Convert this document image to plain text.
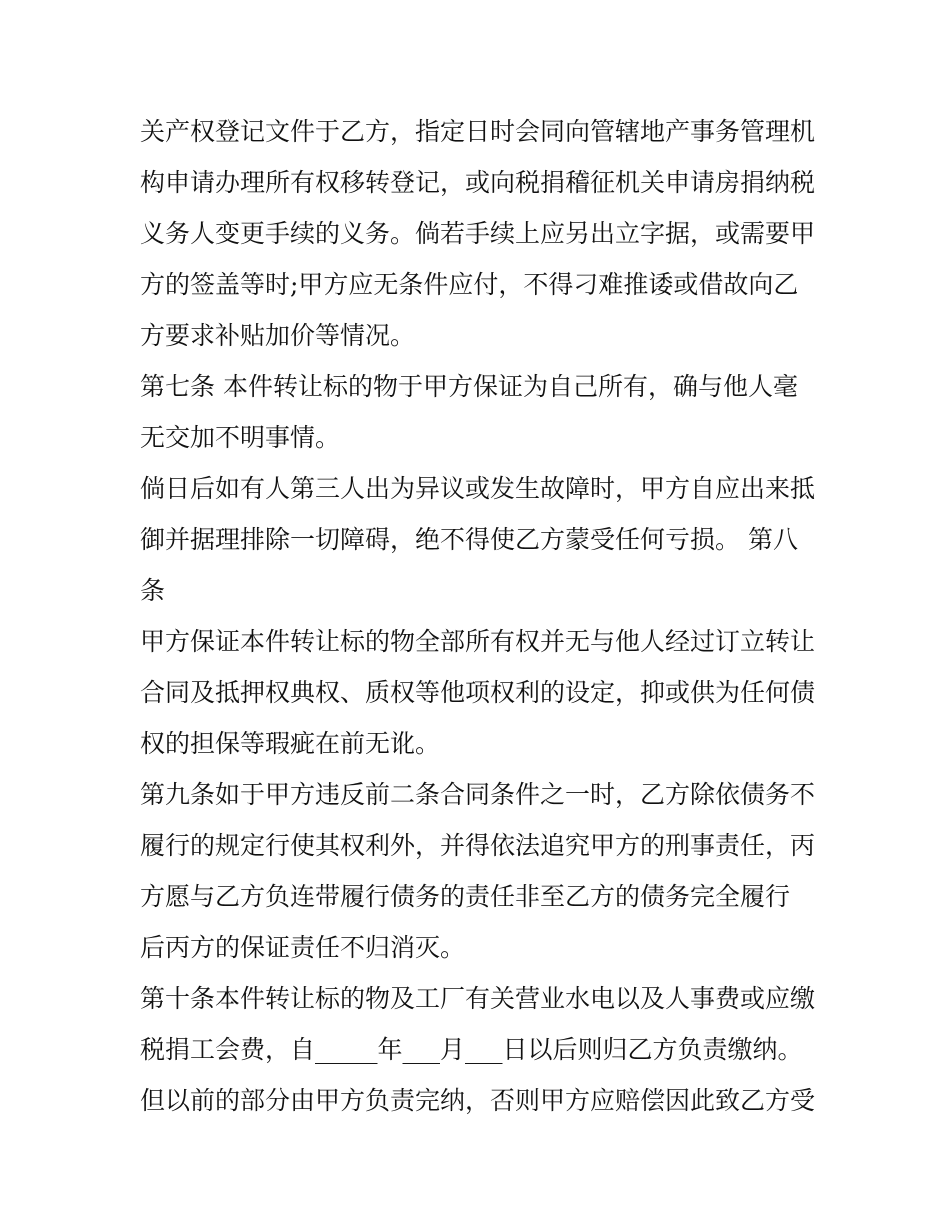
关产权登记文件于乙方，指定日时会同向管辖地产事务管理机
构申请办理所有权移转登记，或向税捐稽征机关申请房捐纳税
义务人变更手续的义务。倘若手续上应另出立字据，或需要甲
方的签盖等时;甲方应无条件应付，不得刁难推诿或借故向乙
方要求补贴加价等情况。
第七条 本件转让标的物于甲方保证为自己所有，确与他人毫
无交加不明事情。
倘日后如有人第三人出为异议或发生故障时，甲方自应出来抵
御并据理排除一切障碍，绝不得使乙方蒙受任何亏损。 第八
条
甲方保证本件转让标的物全部所有权并无与他人经过订立转让
合同及抵押权典权、质权等他项权利的设定，抑或供为任何债
权的担保等瑕疵在前无讹。
第九条如于甲方违反前二条合同条件之一时，乙方除依债务不
履行的规定行使其权利外，并得依法追究甲方的刑事责任，丙
方愿与乙方负连带履行债务的责任非至乙方的债务完全履行
后丙方的保证责任不归消灭。
第十条本件转让标的物及工厂有关营业水电以及人事费或应缴
税捐工会费，自_____年___月___日以后则归乙方负责缴纳。
但以前的部分由甲方负责完纳，否则甲方应赔偿因此致乙方受
